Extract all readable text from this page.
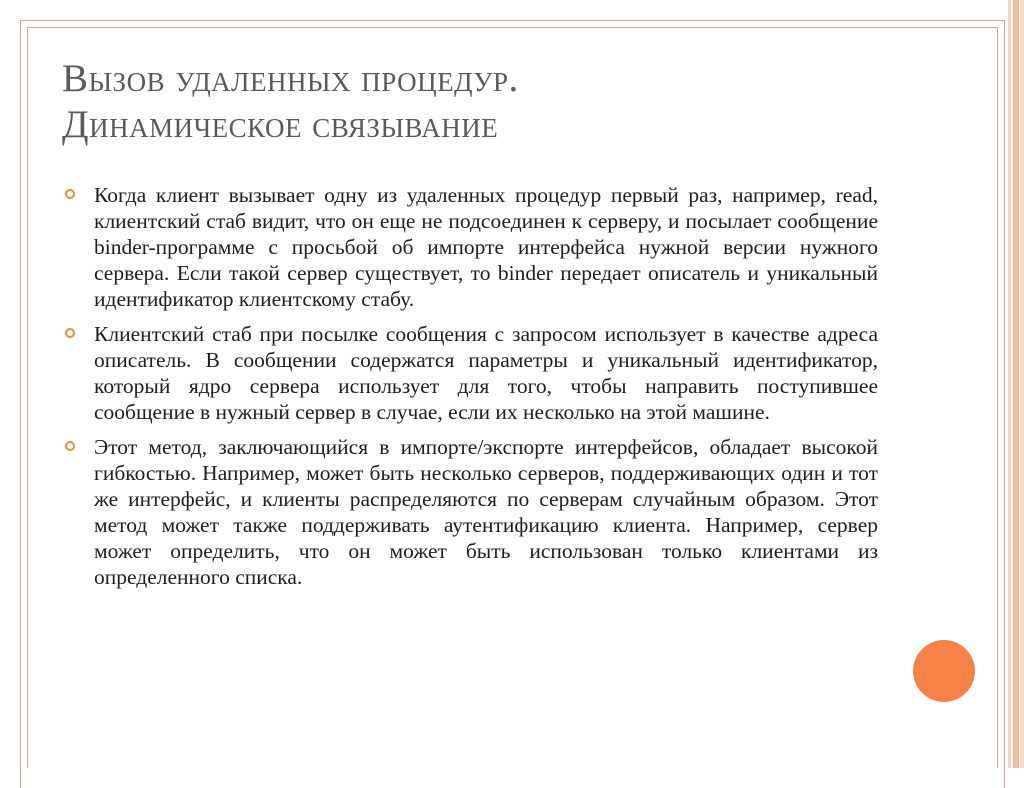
Вызов удаленных процедур.
Динамическое связывание
Когда клиент вызывает одну из удаленных процедур первый раз, например, read, клиентский стаб видит, что он еще не подсоединен к серверу, и посылает сообщение binder-программе с просьбой об импорте интерфейса нужной версии нужного сервера. Если такой сервер существует, то binder передает описатель и уникальный идентификатор клиентскому стабу.
Клиентский стаб при посылке сообщения с запросом использует в качестве адреса описатель. В сообщении содержатся параметры и уникальный идентификатор, который ядро сервера использует для того, чтобы направить поступившее сообщение в нужный сервер в случае, если их несколько на этой машине.
Этот метод, заключающийся в импорте/экспорте интерфейсов, обладает высокой гибкостью. Например, может быть несколько серверов, поддерживающих один и тот же интерфейс, и клиенты распределяются по серверам случайным образом. Этот метод может также поддерживать аутентификацию клиента. Например, сервер может определить, что он может быть использован только клиентами из определенного списка.
